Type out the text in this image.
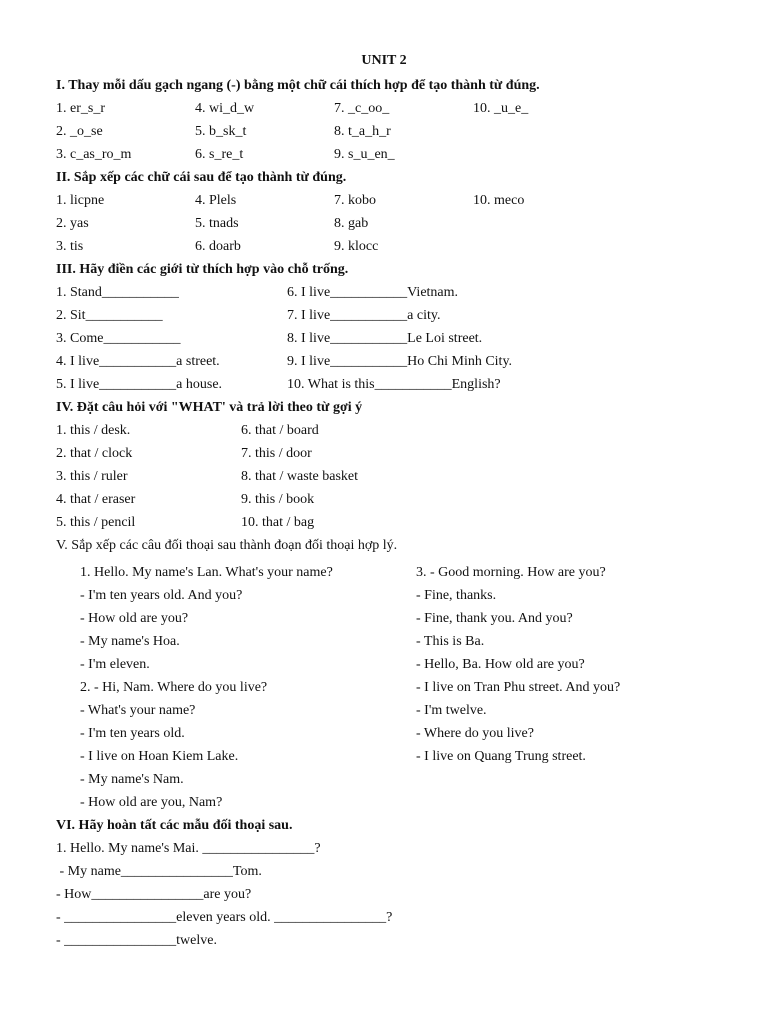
UNIT 2
I. Thay mỗi dấu gạch ngang (-) bằng một chữ cái thích hợp để tạo thành từ đúng.
1. er_s_r	4. wi_d_w	7. _c_oo_	10. _u_e_
2. _o_se	5. b_sk_t	8. t_a_h_r
3. c_as_ro_m	6. s_re_t	9. s_u_en_
II. Sắp xếp các chữ cái sau để tạo thành từ đúng.
1. licpne	4. Plels	7. kobo	10. meco
2. yas	5. tnads	8. gab
3. tis	6. doarb	9. klocc
III. Hãy điền các giới từ thích hợp vào chỗ trống.
1. Stand___________	6. I live___________Vietnam.
2. Sit___________	7. I live___________a city.
3. Come___________	8. I live___________Le Loi street.
4. I live___________a street.	9. I live___________Ho Chi Minh City.
5. I live___________a house.	10. What is this___________English?
IV. Đặt câu hỏi với "WHAT' và trả lời theo từ gợi ý
1. this / desk.	6. that / board
2. that / clock	7. this / door
3. this / ruler	8. that / waste basket
4. that / eraser	9. this / book
5. this / pencil	10. that / bag
V. Sắp xếp các câu đối thoại sau thành đoạn đối thoại hợp lý.
1. Hello. My name's Lan. What's your name?
- I'm ten years old. And you?
- How old are you?
- My name's Hoa.
- I'm eleven.
2. - Hi, Nam. Where do you live?
- What's your name?
- I'm ten years old.
- I live on Hoan Kiem Lake.
- My name's Nam.
- How old are you, Nam?
3. - Good morning. How are you?
- Fine, thanks.
- Fine, thank you. And you?
- This is Ba.
- Hello, Ba. How old are you?
- I live on Tran Phu street. And you?
- I'm twelve.
- Where do you live?
- I live on Quang Trung street.
VI. Hãy hoàn tất các mẫu đối thoại sau.
1. Hello. My name's Mai. ________________?
- My name________________Tom.
- How________________are you?
- ________________eleven years old. ________________?
- ________________twelve.
